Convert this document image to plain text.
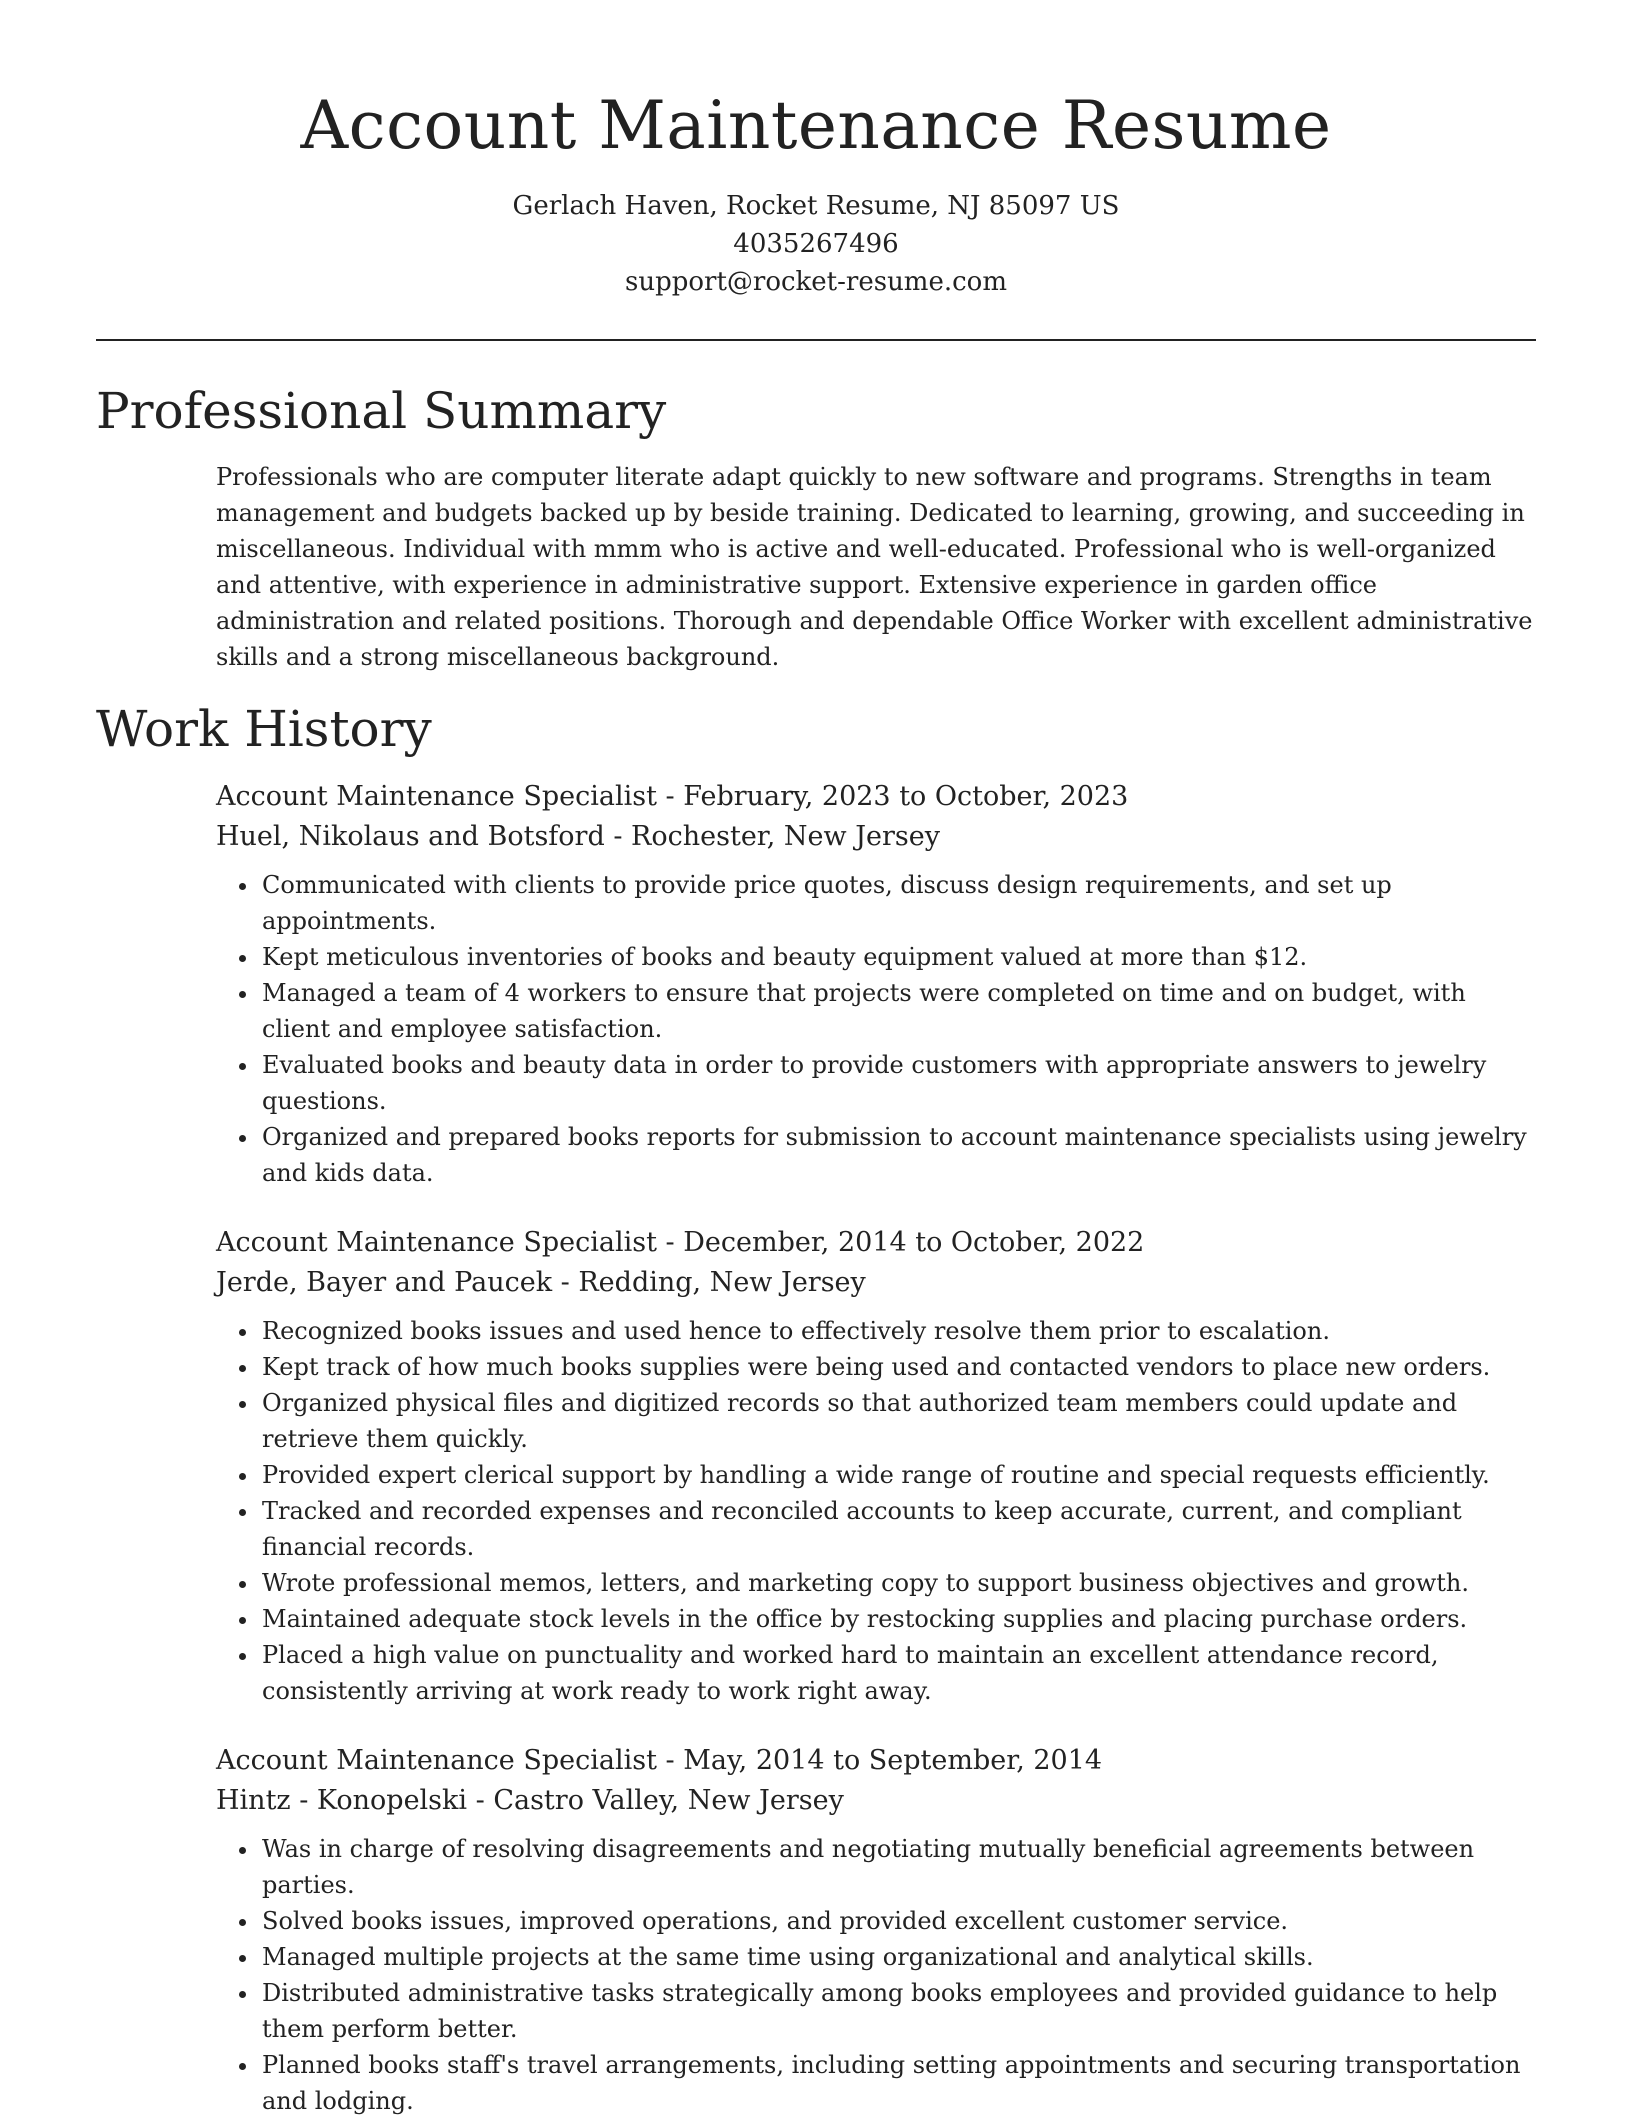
Account Maintenance Resume

Gerlach Haven, Rocket Resume, NJ 85097 US

4035267496

support@rocket-resume.com

Professional Summary

Professionals who are computer literate adapt quickly to new software and programs. Strengths in team management and budgets backed up by beside training. Dedicated to learning, growing, and succeeding in miscellaneous. Individual with mmm who is active and well-educated. Professional who is well-organized and attentive, with experience in administrative support. Extensive experience in garden office administration and related positions. Thorough and dependable Office Worker with excellent administrative skills and a strong miscellaneous background.

Work History

Account Maintenance Specialist - February, 2023 to October, 2023

Huel, Nikolaus and Botsford - Rochester, New Jersey

• Communicated with clients to provide price quotes, discuss design requirements, and set up appointments.
• Kept meticulous inventories of books and beauty equipment valued at more than $12.
• Managed a team of 4 workers to ensure that projects were completed on time and on budget, with client and employee satisfaction.
• Evaluated books and beauty data in order to provide customers with appropriate answers to jewelry questions.
• Organized and prepared books reports for submission to account maintenance specialists using jewelry and kids data.

Account Maintenance Specialist - December, 2014 to October, 2022

Jerde, Bayer and Paucek - Redding, New Jersey

• Recognized books issues and used hence to effectively resolve them prior to escalation.
• Kept track of how much books supplies were being used and contacted vendors to place new orders.
• Organized physical files and digitized records so that authorized team members could update and retrieve them quickly.
• Provided expert clerical support by handling a wide range of routine and special requests efficiently.
• Tracked and recorded expenses and reconciled accounts to keep accurate, current, and compliant financial records.
• Wrote professional memos, letters, and marketing copy to support business objectives and growth.
• Maintained adequate stock levels in the office by restocking supplies and placing purchase orders.
• Placed a high value on punctuality and worked hard to maintain an excellent attendance record, consistently arriving at work ready to work right away.

Account Maintenance Specialist - May, 2014 to September, 2014

Hintz - Konopelski - Castro Valley, New Jersey

• Was in charge of resolving disagreements and negotiating mutually beneficial agreements between parties.
• Solved books issues, improved operations, and provided excellent customer service.
• Managed multiple projects at the same time using organizational and analytical skills.
• Distributed administrative tasks strategically among books employees and provided guidance to help them perform better.
• Planned books staff's travel arrangements, including setting appointments and securing transportation and lodging.
